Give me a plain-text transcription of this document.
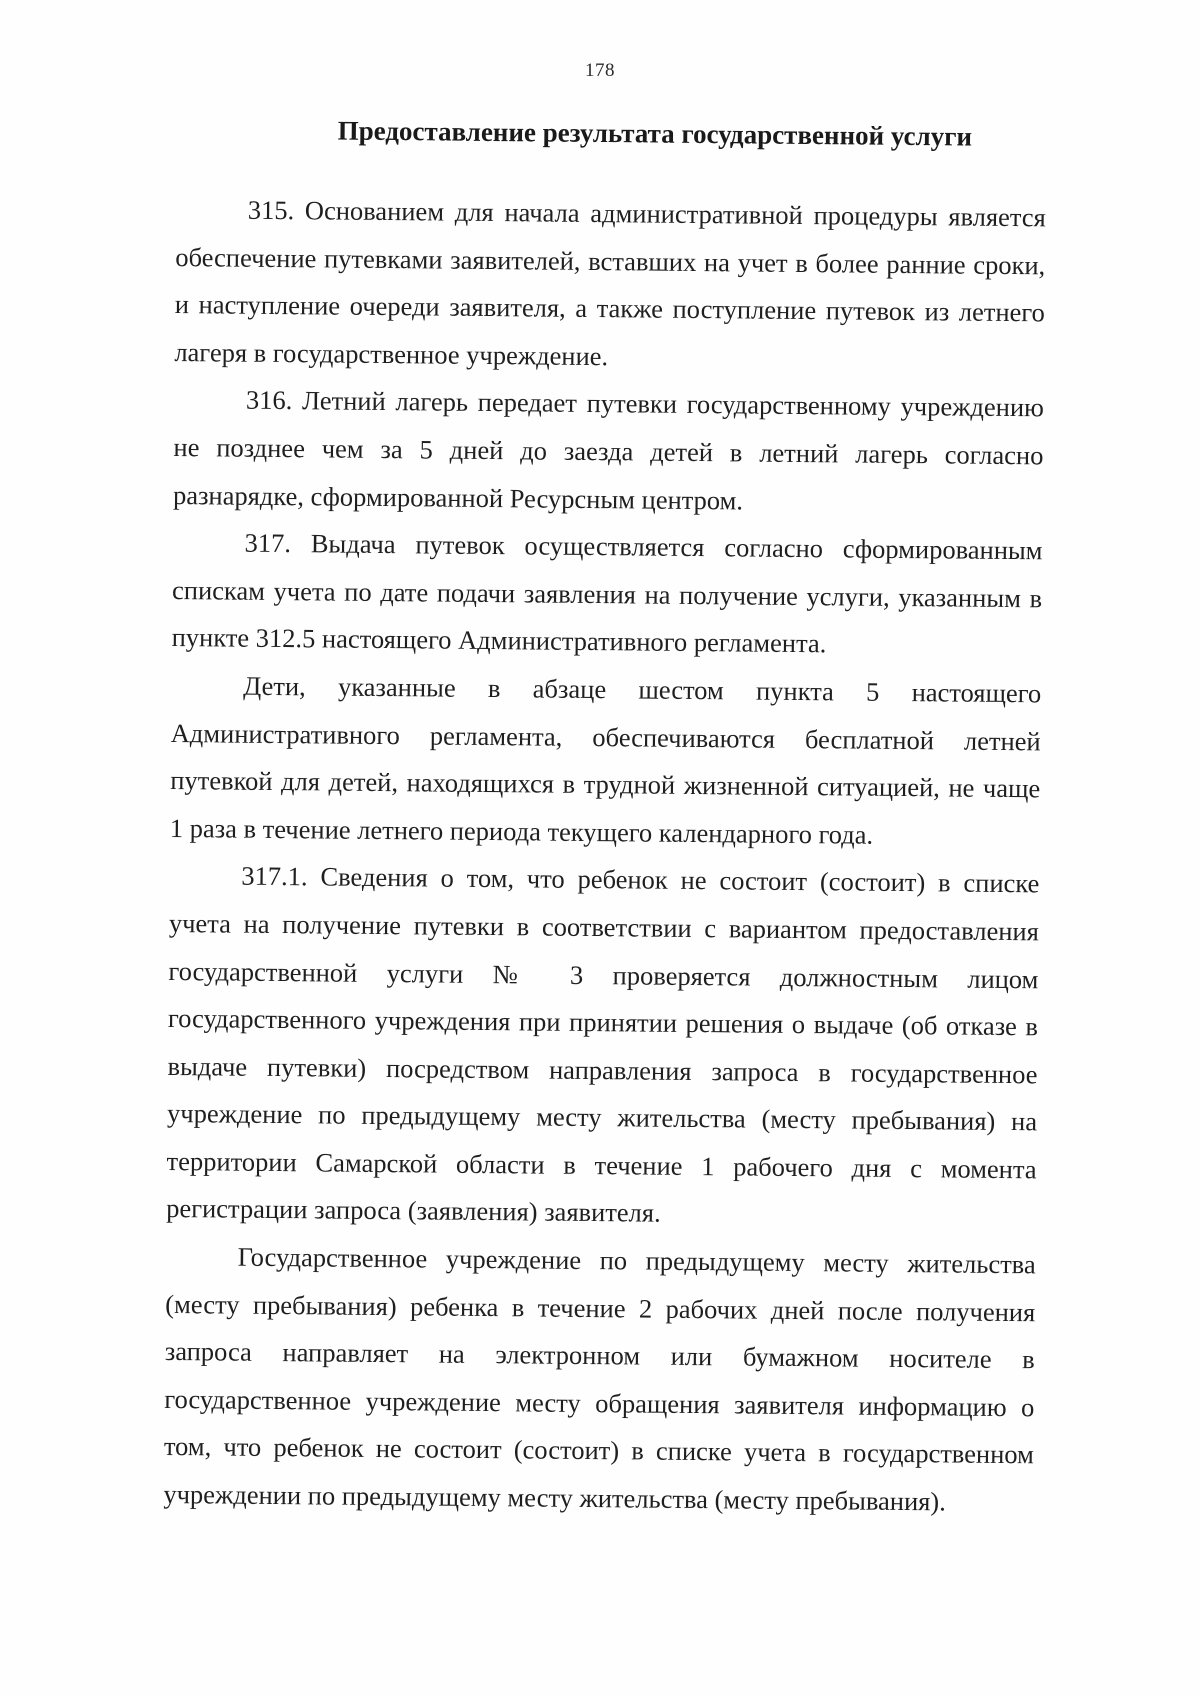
178
Предоставление результата государственной услуги

315. Основанием для начала административной процедуры является обеспечение путевками заявителей, вставших на учет в более ранние сроки, и наступление очереди заявителя, а также поступление путевок из летнего лагеря в государственное учреждение.

316. Летний лагерь передает путевки государственному учреждению не позднее чем за 5 дней до заезда детей в летний лагерь согласно разнарядке, сформированной Ресурсным центром.

317. Выдача путевок осуществляется согласно сформированным спискам учета по дате подачи заявления на получение услуги, указанным в пункте 312.5 настоящего Административного регламента.

Дети, указанные в абзаце шестом пункта 5 настоящего Административного регламента, обеспечиваются бесплатной летней путевкой для детей, находящихся в трудной жизненной ситуацией, не чаще 1 раза в течение летнего периода текущего календарного года.

317.1. Сведения о том, что ребенок не состоит (состоит) в списке учета на получение путевки в соответствии с вариантом предоставления государственной услуги № 3 проверяется должностным лицом государственного учреждения при принятии решения о выдаче (об отказе в выдаче путевки) посредством направления запроса в государственное учреждение по предыдущему месту жительства (месту пребывания) на территории Самарской области в течение 1 рабочего дня с момента регистрации запроса (заявления) заявителя.

Государственное учреждение по предыдущему месту жительства (месту пребывания) ребенка в течение 2 рабочих дней после получения запроса направляет на электронном или бумажном носителе в государственное учреждение месту обращения заявителя информацию о том, что ребенок не состоит (состоит) в списке учета в государственном учреждении по предыдущему месту жительства (месту пребывания).
